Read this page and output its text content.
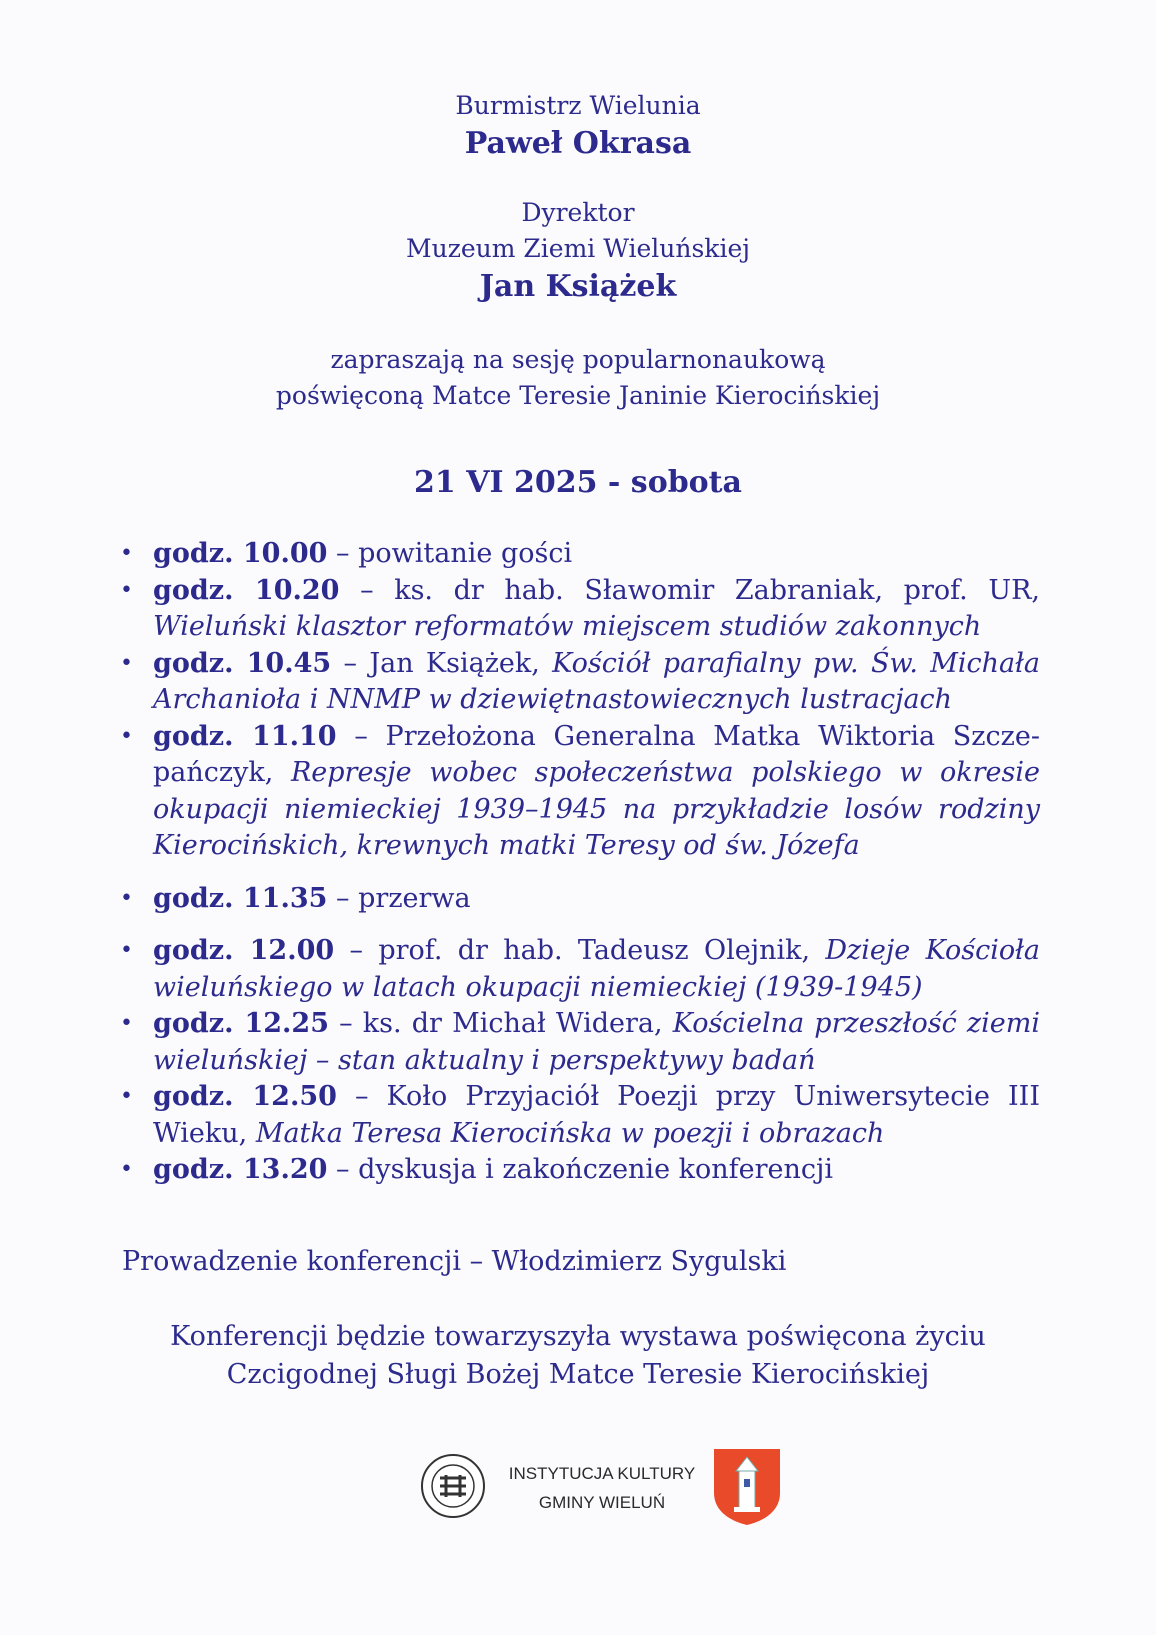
Burmistrz Wielunia

Paweł Okrasa

Dyrektor

Muzeum Ziemi Wieluńskiej

Jan Książek

zapraszają na sesję popularnonaukową

poświęconą Matce Teresie Janinie Kierocińskiej

21 VI 2025 - sobota

• godz. 10.00 – powitanie gości
• godz. 10.20 – ks. dr hab. Sławomir Zabraniak, prof. UR, Wieluński klasztor reformatów miejscem studiów zakonnych
• godz. 10.45 – Jan Książek, Kościół parafialny pw. Św. Michała Archanioła i NNMP w dziewiętnastowiecznych lustracjach
• godz. 11.10 – Przełożona Generalna Matka Wiktoria Szcze-pańczyk, Represje wobec społeczeństwa polskiego w okresie okupacji niemieckiej 1939–1945 na przykładzie losów rodziny Kierocińskich, krewnych matki Teresy od św. Józefa
• godz. 11.35 – przerwa
• godz. 12.00 – prof. dr hab. Tadeusz Olejnik, Dzieje Kościoła wieluńskiego w latach okupacji niemieckiej (1939-1945)
• godz. 12.25 – ks. dr Michał Widera, Kościelna przeszłość ziemi wieluńskiej – stan aktualny i perspektywy badań
• godz. 12.50 – Koło Przyjaciół Poezji przy Uniwersytecie III Wieku, Matka Teresa Kierocińska w poezji i obrazach
• godz. 13.20 – dyskusja i zakończenie konferencji

Prowadzenie konferencji – Włodzimierz Sygulski

Konferencji będzie towarzyszyła wystawa poświęcona życiu

Czcigodnej Sługi Bożej Matce Teresie Kierocińskiej

INSTYTUCJA KULTURY
GMINY WIELUŃ
